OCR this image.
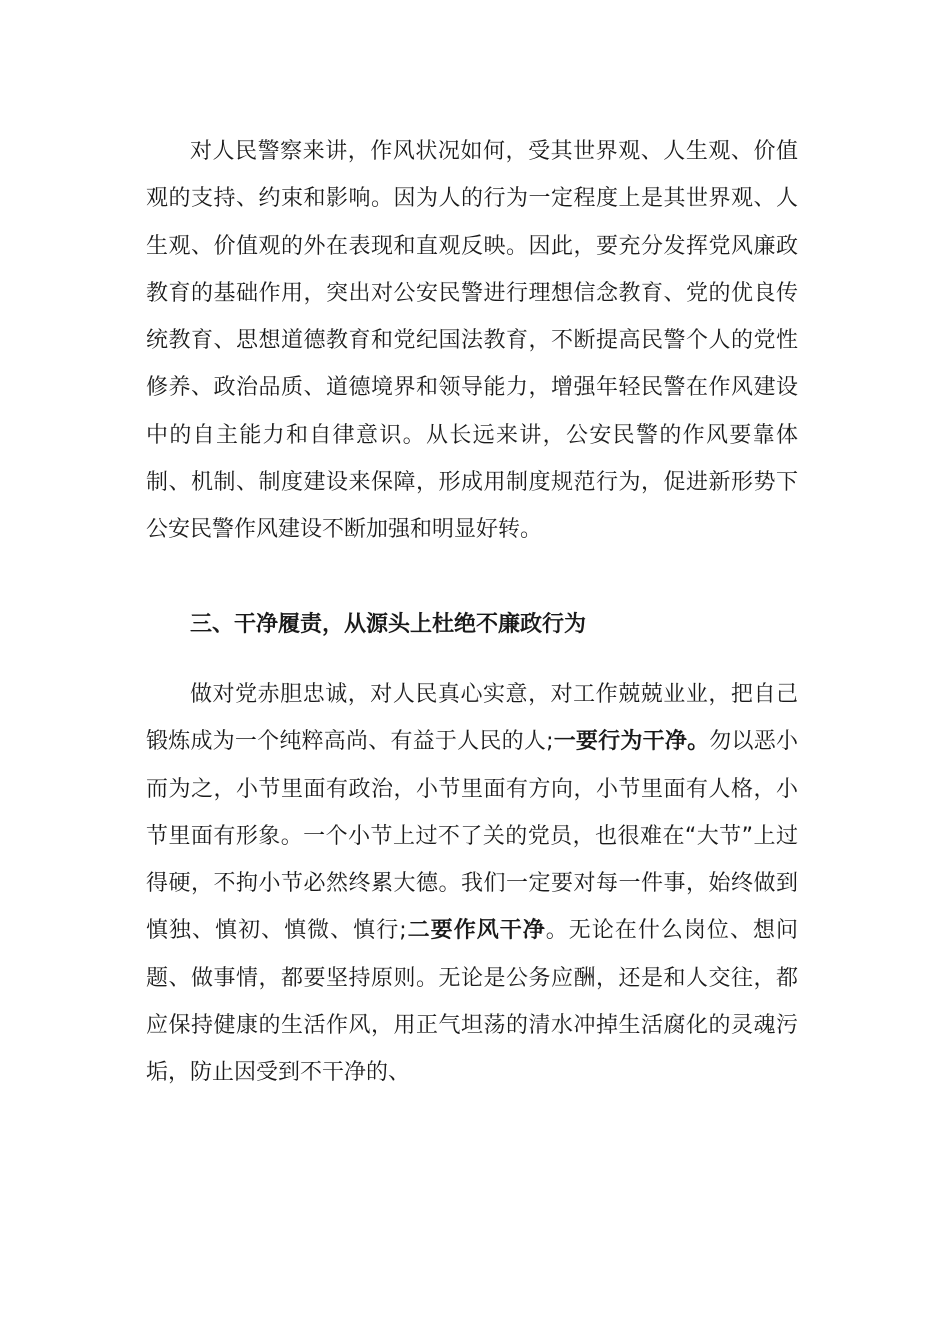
对人民警察来讲，作风状况如何，受其世界观、人生观、价值观的支持、约束和影响。因为人的行为一定程度上是其世界观、人生观、价值观的外在表现和直观反映。因此，要充分发挥党风廉政教育的基础作用，突出对公安民警进行理想信念教育、党的优良传统教育、思想道德教育和党纪国法教育，不断提高民警个人的党性修养、政治品质、道德境界和领导能力，增强年轻民警在作风建设中的自主能力和自律意识。从长远来讲，公安民警的作风要靠体制、机制、制度建设来保障，形成用制度规范行为，促进新形势下公安民警作风建设不断加强和明显好转。

三、干净履责，从源头上杜绝不廉政行为

做对党赤胆忠诚，对人民真心实意，对工作兢兢业业，把自己锻炼成为一个纯粹高尚、有益于人民的人;一要行为干净。勿以恶小而为之，小节里面有政治，小节里面有方向，小节里面有人格，小节里面有形象。一个小节上过不了关的党员，也很难在“大节”上过得硬，不拘小节必然终累大德。我们一定要对每一件事，始终做到慎独、慎初、慎微、慎行;二要作风干净。无论在什么岗位、想问题、做事情，都要坚持原则。无论是公务应酬，还是和人交往，都应保持健康的生活作风，用正气坦荡的清水冲掉生活腐化的灵魂污垢，防止因受到不干净的、
